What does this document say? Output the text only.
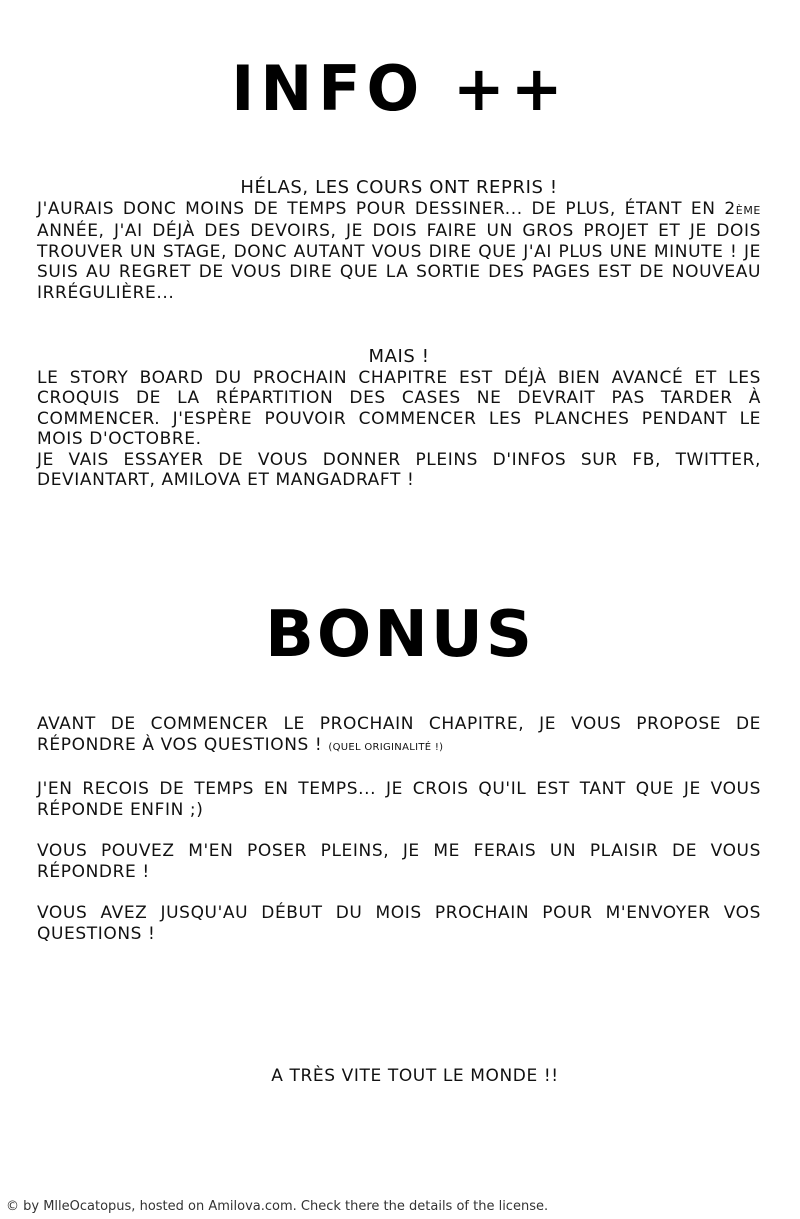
INFO ++
HÉLAS, LES COURS ONT REPRIS !

J'AURAIS DONC MOINS DE TEMPS POUR DESSINER... DE PLUS, ÉTANT EN 2ÈME ANNÉE, J'AI DÉJÀ DES DEVOIRS, JE DOIS FAIRE UN GROS PROJET ET JE DOIS TROUVER UN STAGE, DONC AUTANT VOUS DIRE QUE J'AI PLUS UNE MINUTE ! JE SUIS AU REGRET DE VOUS DIRE QUE LA SORTIE DES PAGES EST DE NOUVEAU IRRÉGULIÈRE...

MAIS !

LE STORY BOARD DU PROCHAIN CHAPITRE EST DÉJÀ BIEN AVANCÉ ET LES CROQUIS DE LA RÉPARTITION DES CASES NE DEVRAIT PAS TARDER À COMMENCER. J'ESPÈRE POUVOIR COMMENCER LES PLANCHES PENDANT LE MOIS D'OCTOBRE.

JE VAIS ESSAYER DE VOUS DONNER PLEINS D'INFOS SUR FB, TWITTER, DEVIANTART, AMILOVA ET MANGADRAFT !

BONUS

AVANT DE COMMENCER LE PROCHAIN CHAPITRE, JE VOUS PROPOSE DE RÉPONDRE À VOS QUESTIONS ! (QUEL ORIGINALITÉ !)

J'EN RECOIS DE TEMPS EN TEMPS... JE CROIS QU'IL EST TANT QUE JE VOUS RÉPONDE ENFIN ;)

VOUS POUVEZ M'EN POSER PLEINS, JE ME FERAIS UN PLAISIR DE VOUS RÉPONDRE !

VOUS AVEZ JUSQU'AU DÉBUT DU MOIS PROCHAIN POUR M'ENVOYER VOS QUESTIONS !

A TRÈS VITE TOUT LE MONDE !!
© by MlleOcatopus, hosted on Amilova.com. Check there the details of the license.
